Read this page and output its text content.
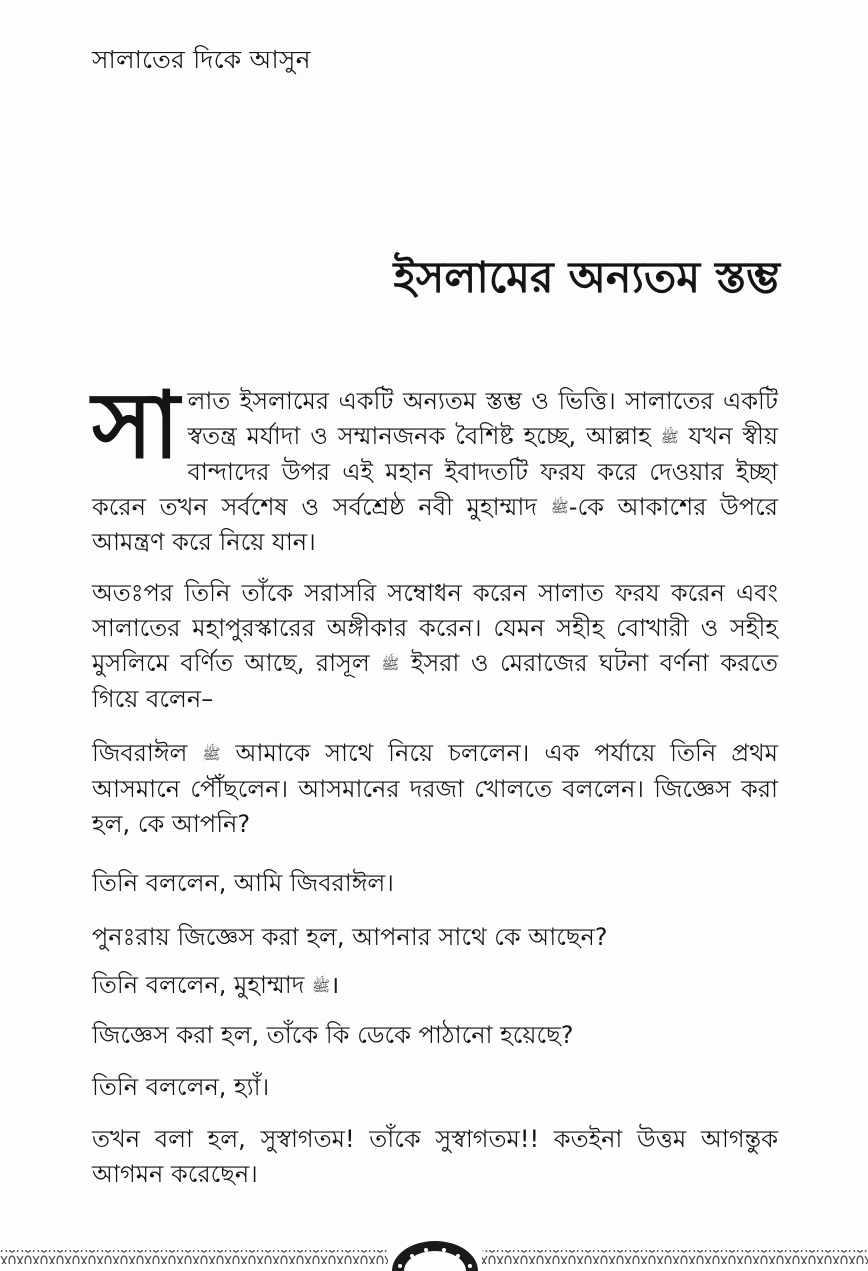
সালাতের দিকে আসুন
ইসলামের অন্যতম স্তম্ভ
সালাত ইসলামের একটি অন্যতম স্তম্ভ ও ভিত্তি। সালাতের একটি স্বতন্ত্র মর্যাদা ও সম্মানজনক বৈশিষ্ট হচ্ছে, আল্লাহ ﷺ যখন স্বীয় বান্দাদের উপর এই মহান ইবাদতটি ফরয করে দেওয়ার ইচ্ছা করেন তখন সর্বশেষ ও সর্বশ্রেষ্ঠ নবী মুহাম্মাদ ﷺ-কে আকাশের উপরে আমন্ত্রণ করে নিয়ে যান।
অতঃপর তিনি তাঁকে সরাসরি সম্বোধন করেন সালাত ফরয করেন এবং সালাতের মহাপুরস্কারের অঙ্গীকার করেন। যেমন সহীহ বোখারী ও সহীহ মুসলিমে বর্ণিত আছে, রাসূল ﷺ ইসরা ও মেরাজের ঘটনা বর্ণনা করতে গিয়ে বলেন–
জিবরাঈল ﷺ আমাকে সাথে নিয়ে চললেন। এক পর্যায়ে তিনি প্রথম আসমানে পৌঁছলেন। আসমানের দরজা খোলতে বললেন। জিজ্ঞেস করা হল, কে আপনি?
তিনি বললেন, আমি জিবরাঈল।
পুনঃরায় জিজ্ঞেস করা হল, আপনার সাথে কে আছেন?
তিনি বললেন, মুহাম্মাদ ﷺ।
জিজ্ঞেস করা হল, তাঁকে কি ডেকে পাঠানো হয়েছে?
তিনি বললেন, হ্যাঁ।
তখন বলা হল, সুস্বাগতম! তাঁকে সুস্বাগতম!! কতইনা উত্তম আগন্তুক আগমন করেছেন।
